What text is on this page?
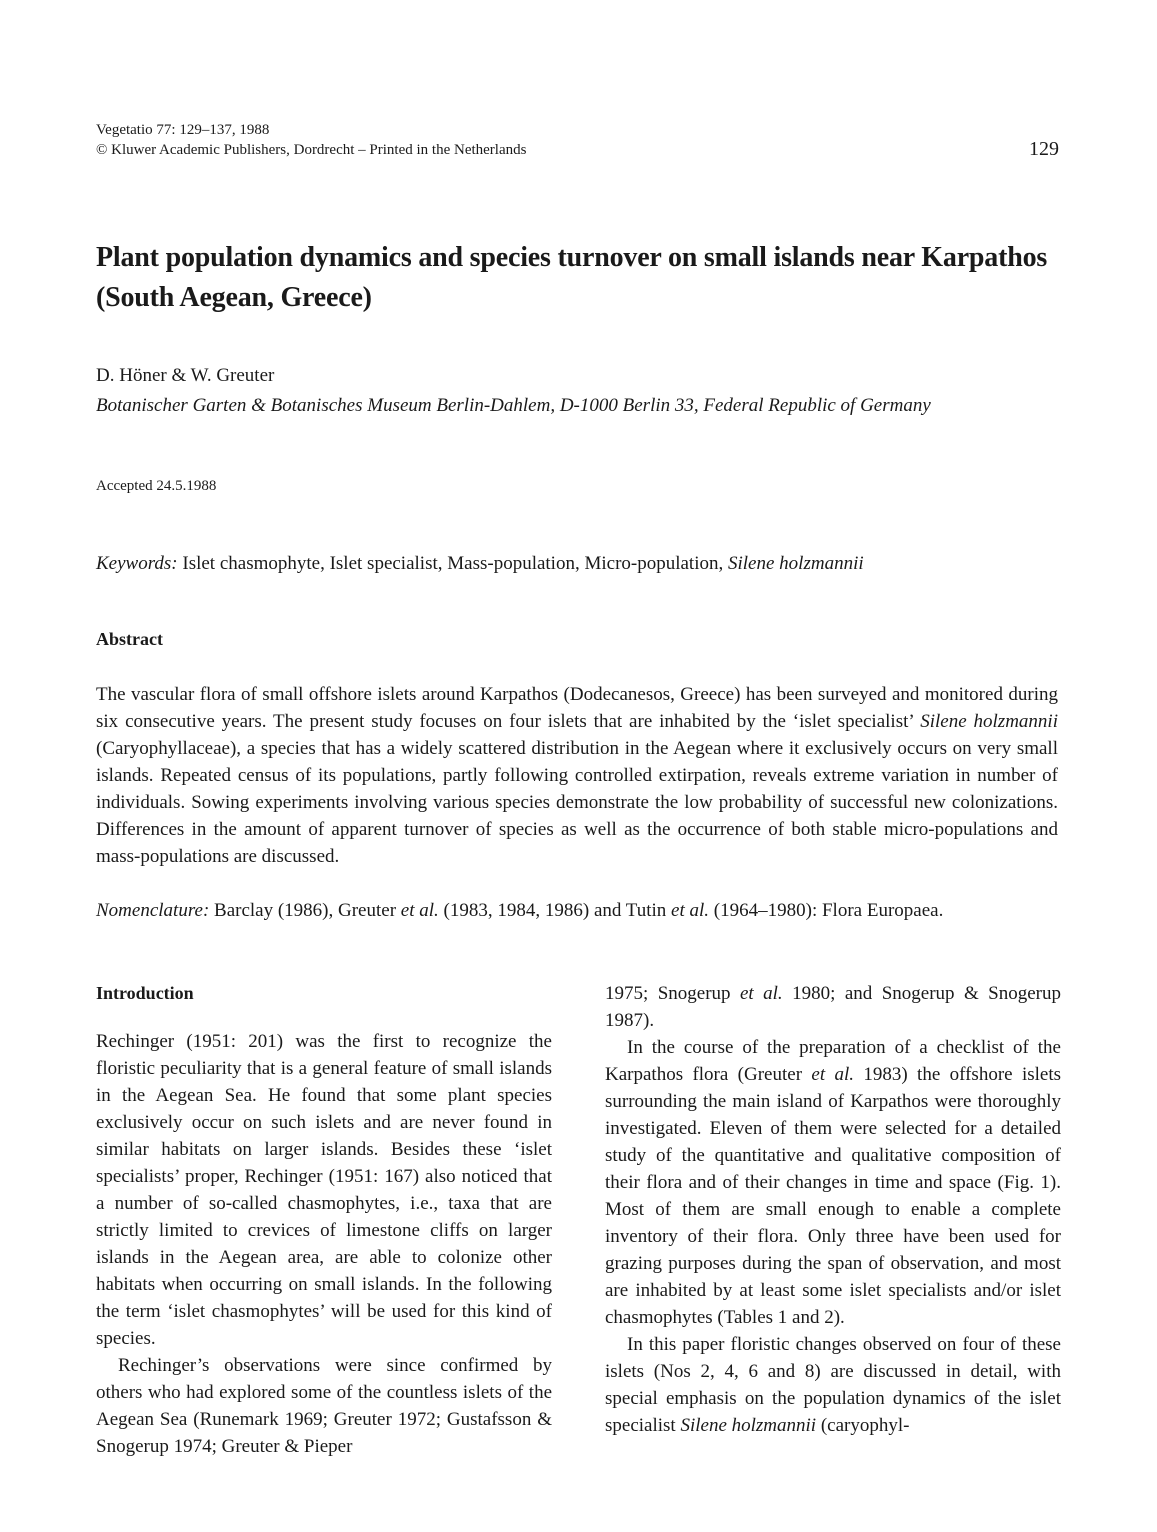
Vegetatio 77: 129–137, 1988
© Kluwer Academic Publishers, Dordrecht – Printed in the Netherlands	129
Plant population dynamics and species turnover on small islands near Karpathos (South Aegean, Greece)
D. Höner & W. Greuter
Botanischer Garten & Botanisches Museum Berlin-Dahlem, D-1000 Berlin 33, Federal Republic of Germany
Accepted 24.5.1988
Keywords: Islet chasmophyte, Islet specialist, Mass-population, Micro-population, Silene holzmannii
Abstract
The vascular flora of small offshore islets around Karpathos (Dodecanesos, Greece) has been surveyed and monitored during six consecutive years. The present study focuses on four islets that are inhabited by the ‘islet specialist’ Silene holzmannii (Caryophyllaceae), a species that has a widely scattered distribution in the Aegean where it exclusively occurs on very small islands. Repeated census of its populations, partly following controlled extirpation, reveals extreme variation in number of individuals. Sowing experiments involving various species demonstrate the low probability of successful new colonizations. Differences in the amount of apparent turnover of species as well as the occurrence of both stable micro-populations and mass-populations are discussed.
Nomenclature: Barclay (1986), Greuter et al. (1983, 1984, 1986) and Tutin et al. (1964–1980): Flora Europaea.
Introduction

Rechinger (1951: 201) was the first to recognize the floristic peculiarity that is a general feature of small islands in the Aegean Sea. He found that some plant species exclusively occur on such islets and are never found in similar habitats on larger islands. Besides these ‘islet specialists’ proper, Rechinger (1951: 167) also noticed that a number of so-called chasmophytes, i.e., taxa that are strictly limited to crevices of limestone cliffs on larger islands in the Aegean area, are able to colonize other habitats when occurring on small islands. In the following the term ‘islet chasmophytes’ will be used for this kind of species.

Rechinger’s observations were since confirmed by others who had explored some of the countless islets of the Aegean Sea (Runemark 1969; Greuter 1972; Gustafsson & Snogerup 1974; Greuter & Pieper

1975; Snogerup et al. 1980; and Snogerup & Snogerup 1987).

In the course of the preparation of a checklist of the Karpathos flora (Greuter et al. 1983) the offshore islets surrounding the main island of Karpathos were thoroughly investigated. Eleven of them were selected for a detailed study of the quantitative and qualitative composition of their flora and of their changes in time and space (Fig. 1). Most of them are small enough to enable a complete inventory of their flora. Only three have been used for grazing purposes during the span of observation, and most are inhabited by at least some islet specialists and/or islet chasmophytes (Tables 1 and 2).

In this paper floristic changes observed on four of these islets (Nos 2, 4, 6 and 8) are discussed in detail, with special emphasis on the population dynamics of the islet specialist Silene holzmannii (caryophyl-
